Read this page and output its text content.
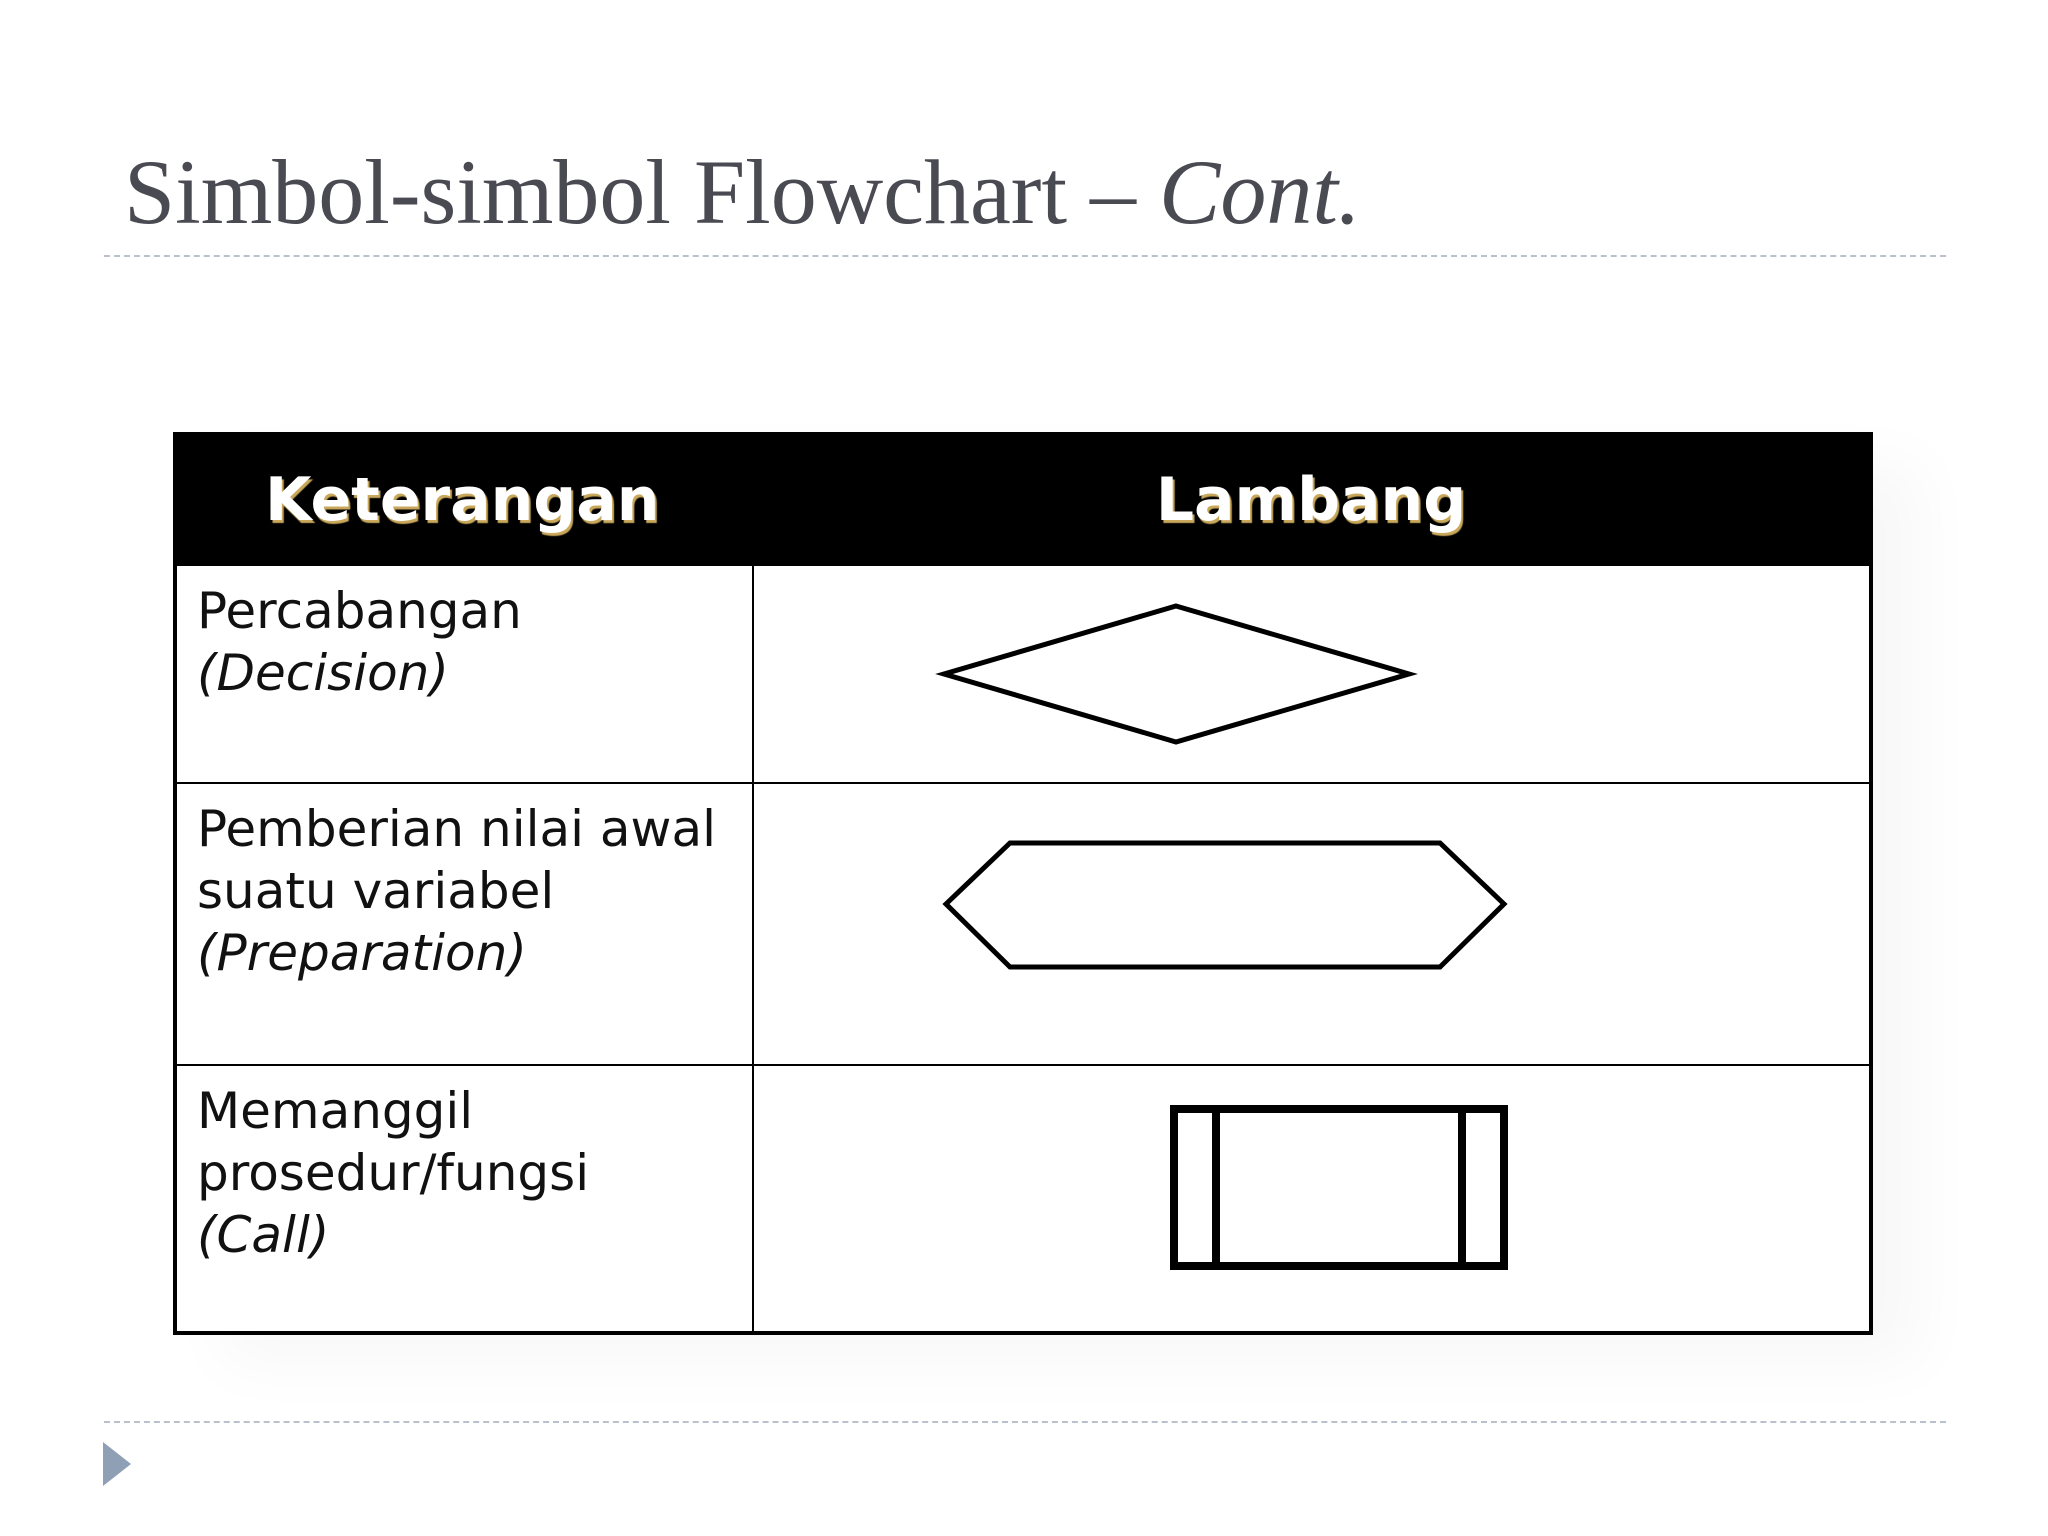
Simbol-simbol Flowchart – Cont.
Keterangan	Lambang

Percabangan
(Decision)

Pemberian nilai awal
suatu variabel
(Preparation)

Memanggil
prosedur/fungsi
(Call)
